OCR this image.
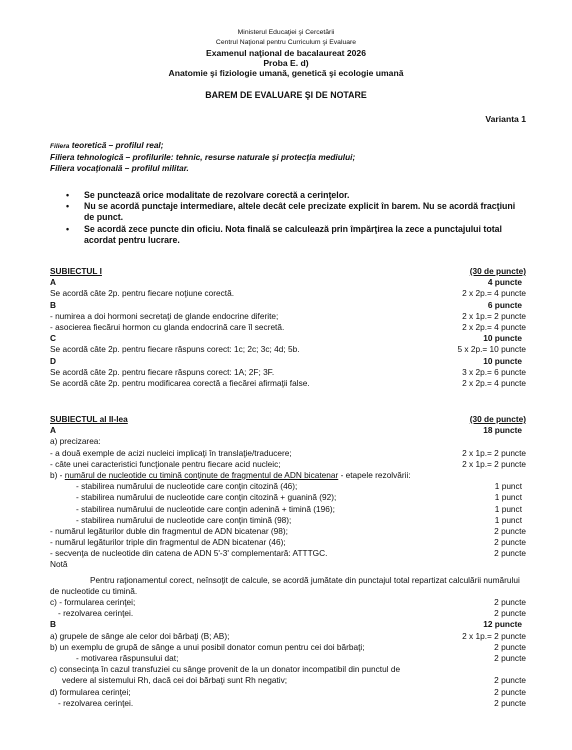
Ministerul Educaţiei şi Cercetării
Centrul Naţional pentru Curriculum şi Evaluare
Examenul naţional de bacalaureat 2026
Proba E. d)
Anatomie şi fiziologie umană, genetică şi ecologie umană
BAREM DE EVALUARE ŞI DE NOTARE
Varianta 1
Filiera teoretică – profilul real;
Filiera tehnologică – profilurile: tehnic, resurse naturale şi protecţia mediului;
Filiera vocaţională – profilul militar.
•	Se punctează orice modalitate de rezolvare corectă a cerinţelor.
•	Nu se acordă punctaje intermediare, altele decât cele precizate explicit în barem. Nu se acordă fracţiuni de punct.
•	Se acordă zece puncte din oficiu. Nota finală se calculează prin împărţirea la zece a punctajului total acordat pentru lucrare.
SUBIECTUL I	(30 de puncte)
A	4 puncte
Se acordă câte 2p. pentru fiecare noţiune corectă.	2 x 2p.= 4 puncte
B	6 puncte
- numirea a doi hormoni secretaţi de glande endocrine diferite;	2 x 1p.= 2 puncte
- asocierea fiecărui hormon cu glanda endocrină care îl secretă.	2 x 2p.= 4 puncte
C	10 puncte
Se acordă câte 2p. pentru fiecare răspuns corect: 1c; 2c; 3c; 4d; 5b.	5 x 2p.= 10 puncte
D	10 puncte
Se acordă câte 2p. pentru fiecare răspuns corect: 1A; 2F; 3F.	3 x 2p.= 6 puncte
Se acordă câte 2p. pentru modificarea corectă a fiecărei afirmaţii false.	2 x 2p.= 4 puncte
SUBIECTUL al II-lea	(30 de puncte)
A	18 puncte
a) precizarea:
- a două exemple de acizi nucleici implicaţi în translaţie/traducere;	2 x 1p.= 2 puncte
- câte unei caracteristici funcţionale pentru fiecare acid nucleic;	2 x 1p.= 2 puncte
b) - numărul de nucleotide cu timină conţinute de fragmentul de ADN bicatenar - etapele rezolvării:
- stabilirea numărului de nucleotide care conţin citozină (46);	1 punct
- stabilirea numărului de nucleotide care conţin citozină + guanină (92);	1 punct
- stabilirea numărului de nucleotide care conţin adenină + timină (196);	1 punct
- stabilirea numărului de nucleotide care conţin timină (98);	1 punct
- numărul legăturilor duble din fragmentul de ADN bicatenar (98);	2 puncte
- numărul legăturilor triple din fragmentul de ADN bicatenar (46);	2 puncte
- secvenţa de nucleotide din catena de ADN 5'-3' complementară: ATTTGC.	2 puncte
Notă
Pentru raţionamentul corect, neînsoţit de calcule, se acordă jumătate din punctajul total repartizat calculării numărului de nucleotide cu timină.
c) - formularea cerinţei;	2 puncte
- rezolvarea cerinţei.	2 puncte
B	12 puncte
a) grupele de sânge ale celor doi bărbaţi (B; AB);	2 x 1p.= 2 puncte
b) un exemplu de grupă de sânge a unui posibil donator comun pentru cei doi bărbaţi;	2 puncte
- motivarea răspunsului dat;	2 puncte
c) consecinţa în cazul transfuziei cu sânge provenit de la un donator incompatibil din punctul de
vedere al sistemului Rh, dacă cei doi bărbaţi sunt Rh negativ;	2 puncte
d) formularea cerinţei;	2 puncte
- rezolvarea cerinţei.	2 puncte
